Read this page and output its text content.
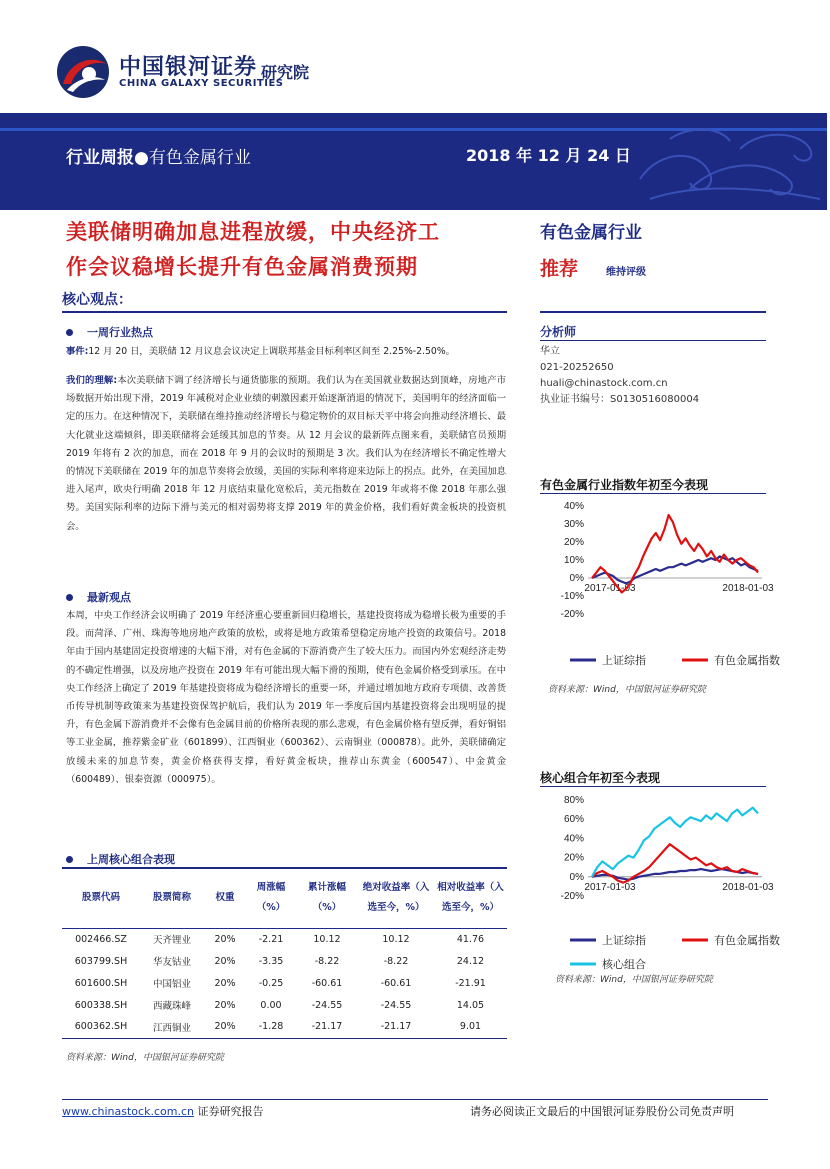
中国银河证券 研究院
CHINA GALAXY SECURITIES
行业周报●有色金属行业	2018 年 12 月 24 日
美联储明确加息进程放缓，中央经济工
作会议稳增长提升有色金属消费预期
核心观点：
有色金属行业
推荐	维持评级
一周行业热点
事件:12 月 20 日，美联储 12 月议息会议决定上调联邦基金目标利率区间至 2.25%-2.50%。
我们的理解:本次美联储下调了经济增长与通货膨胀的预期。我们认为在美国就业数据达到顶峰，房地产市场数据开始出现下滑，2019 年减税对企业业绩的刺激因素开始逐渐消退的情况下，美国明年的经济面临一定的压力。在这种情况下，美联储在维持推动经济增长与稳定物价的双目标天平中将会向推动经济增长、最大化就业这端倾斜，即美联储将会延缓其加息的节奏。从 12 月会议的最新阵点图来看，美联储官员预期 2019 年将有 2 次的加息，而在 2018 年 9 月的会议时的预期是 3 次。我们认为在经济增长不确定性增大的情况下美联储在 2019 年的加息节奏将会放缓，美国的实际利率将迎来边际上的拐点。此外，在美国加息进入尾声，欧央行明确 2018 年 12 月底结束量化宽松后，美元指数在 2019 年或将不像 2018 年那么强势。美国实际利率的边际下滑与美元的相对弱势将支撑 2019 年的黄金价格，我们看好黄金板块的投资机会。
最新观点
本周，中央工作经济会议明确了 2019 年经济重心要重新回归稳增长，基建投资将成为稳增长极为重要的手段。而菏泽、广州、珠海等地房地产政策的放松，或将是地方政策希望稳定房地产投资的政策信号。2018 年由于国内基建固定投资增速的大幅下滑，对有色金属的下游消费产生了较大压力。而国内外宏观经济走势的不确定性增强，以及房地产投资在 2019 年有可能出现大幅下滑的预期，使有色金属价格受到承压。在中央工作经济上确定了 2019 年基建投资将成为稳经济增长的重要一环，并通过增加地方政府专项债、改善货币传导机制等政策来为基建投资保驾护航后，我们认为 2019 年一季度后国内基建投资将会出现明显的提升，有色金属下游消费并不会像有色金属目前的价格所表现的那么悲观，有色金属价格有望反弹，看好铜铝等工业金属，推荐紫金矿业（601899）、江西铜业（600362）、云南铜业（000878）。此外，美联储确定放缓未来的加息节奏，黄金价格获得支撑，看好黄金板块，推荐山东黄金（600547）、中金黄金（600489）、银泰资源（000975）。
上周核心组合表现
股票代码	股票简称	权重	周涨幅 （%）	累计涨幅 （%）	绝对收益率（入选至今，%）	相对收益率（入选至今，%）
002466.SZ	天齐锂业	20%	-2.21	10.12	10.12	41.76
603799.SH	华友钴业	20%	-3.35	-8.22	-8.22	24.12
601600.SH	中国铝业	20%	-0.25	-60.61	-60.61	-21.91
600338.SH	西藏珠峰	20%	0.00	-24.55	-24.55	14.05
600362.SH	江西铜业	20%	-1.28	-21.17	-21.17	9.01
资料来源：Wind，中国银河证券研究院
分析师
华立
021-20252650
huali@chinastock.com.cn
执业证书编号：S0130516080004
有色金属行业指数年初至今表现
40%
30%
20%
10%
0%
-10%
-20%
2017-01-03	2018-01-03
上证综指	有色金属指数
资料来源：Wind，中国银河证券研究院
核心组合年初至今表现
80%
60%
40%
20%
0%
-20%
2017-01-03	2018-01-03
上证综指	有色金属指数
核心组合
资料来源：Wind，中国银河证券研究院
www.chinastock.com.cn 证券研究报告	请务必阅读正文最后的中国银河证券股份公司免责声明
